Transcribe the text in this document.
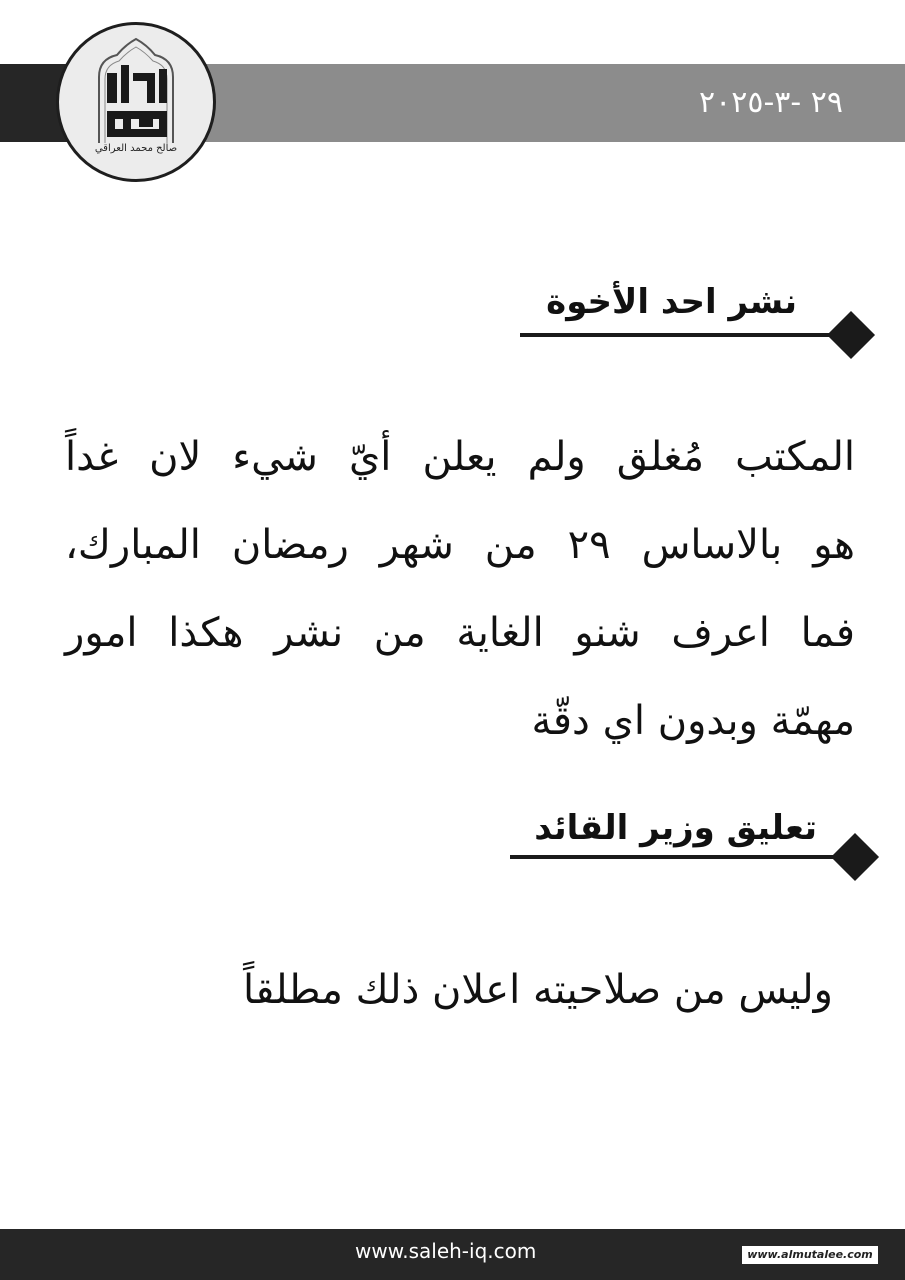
٢٩ -٣-٢٠٢٥
صالح محمد العراقي
نشر احد الأخوة
المكتب مُغلق ولم يعلن أيّ شيء لان غداً
هو بالاساس ٢٩ من شهر رمضان المبارك،
فما اعرف شنو الغاية من نشر هكذا امور
مهمّة وبدون اي دقّة
تعليق وزير القائد
وليس من صلاحيته اعلان ذلك مطلقاً
www.saleh-iq.com	www.almutalee.com
